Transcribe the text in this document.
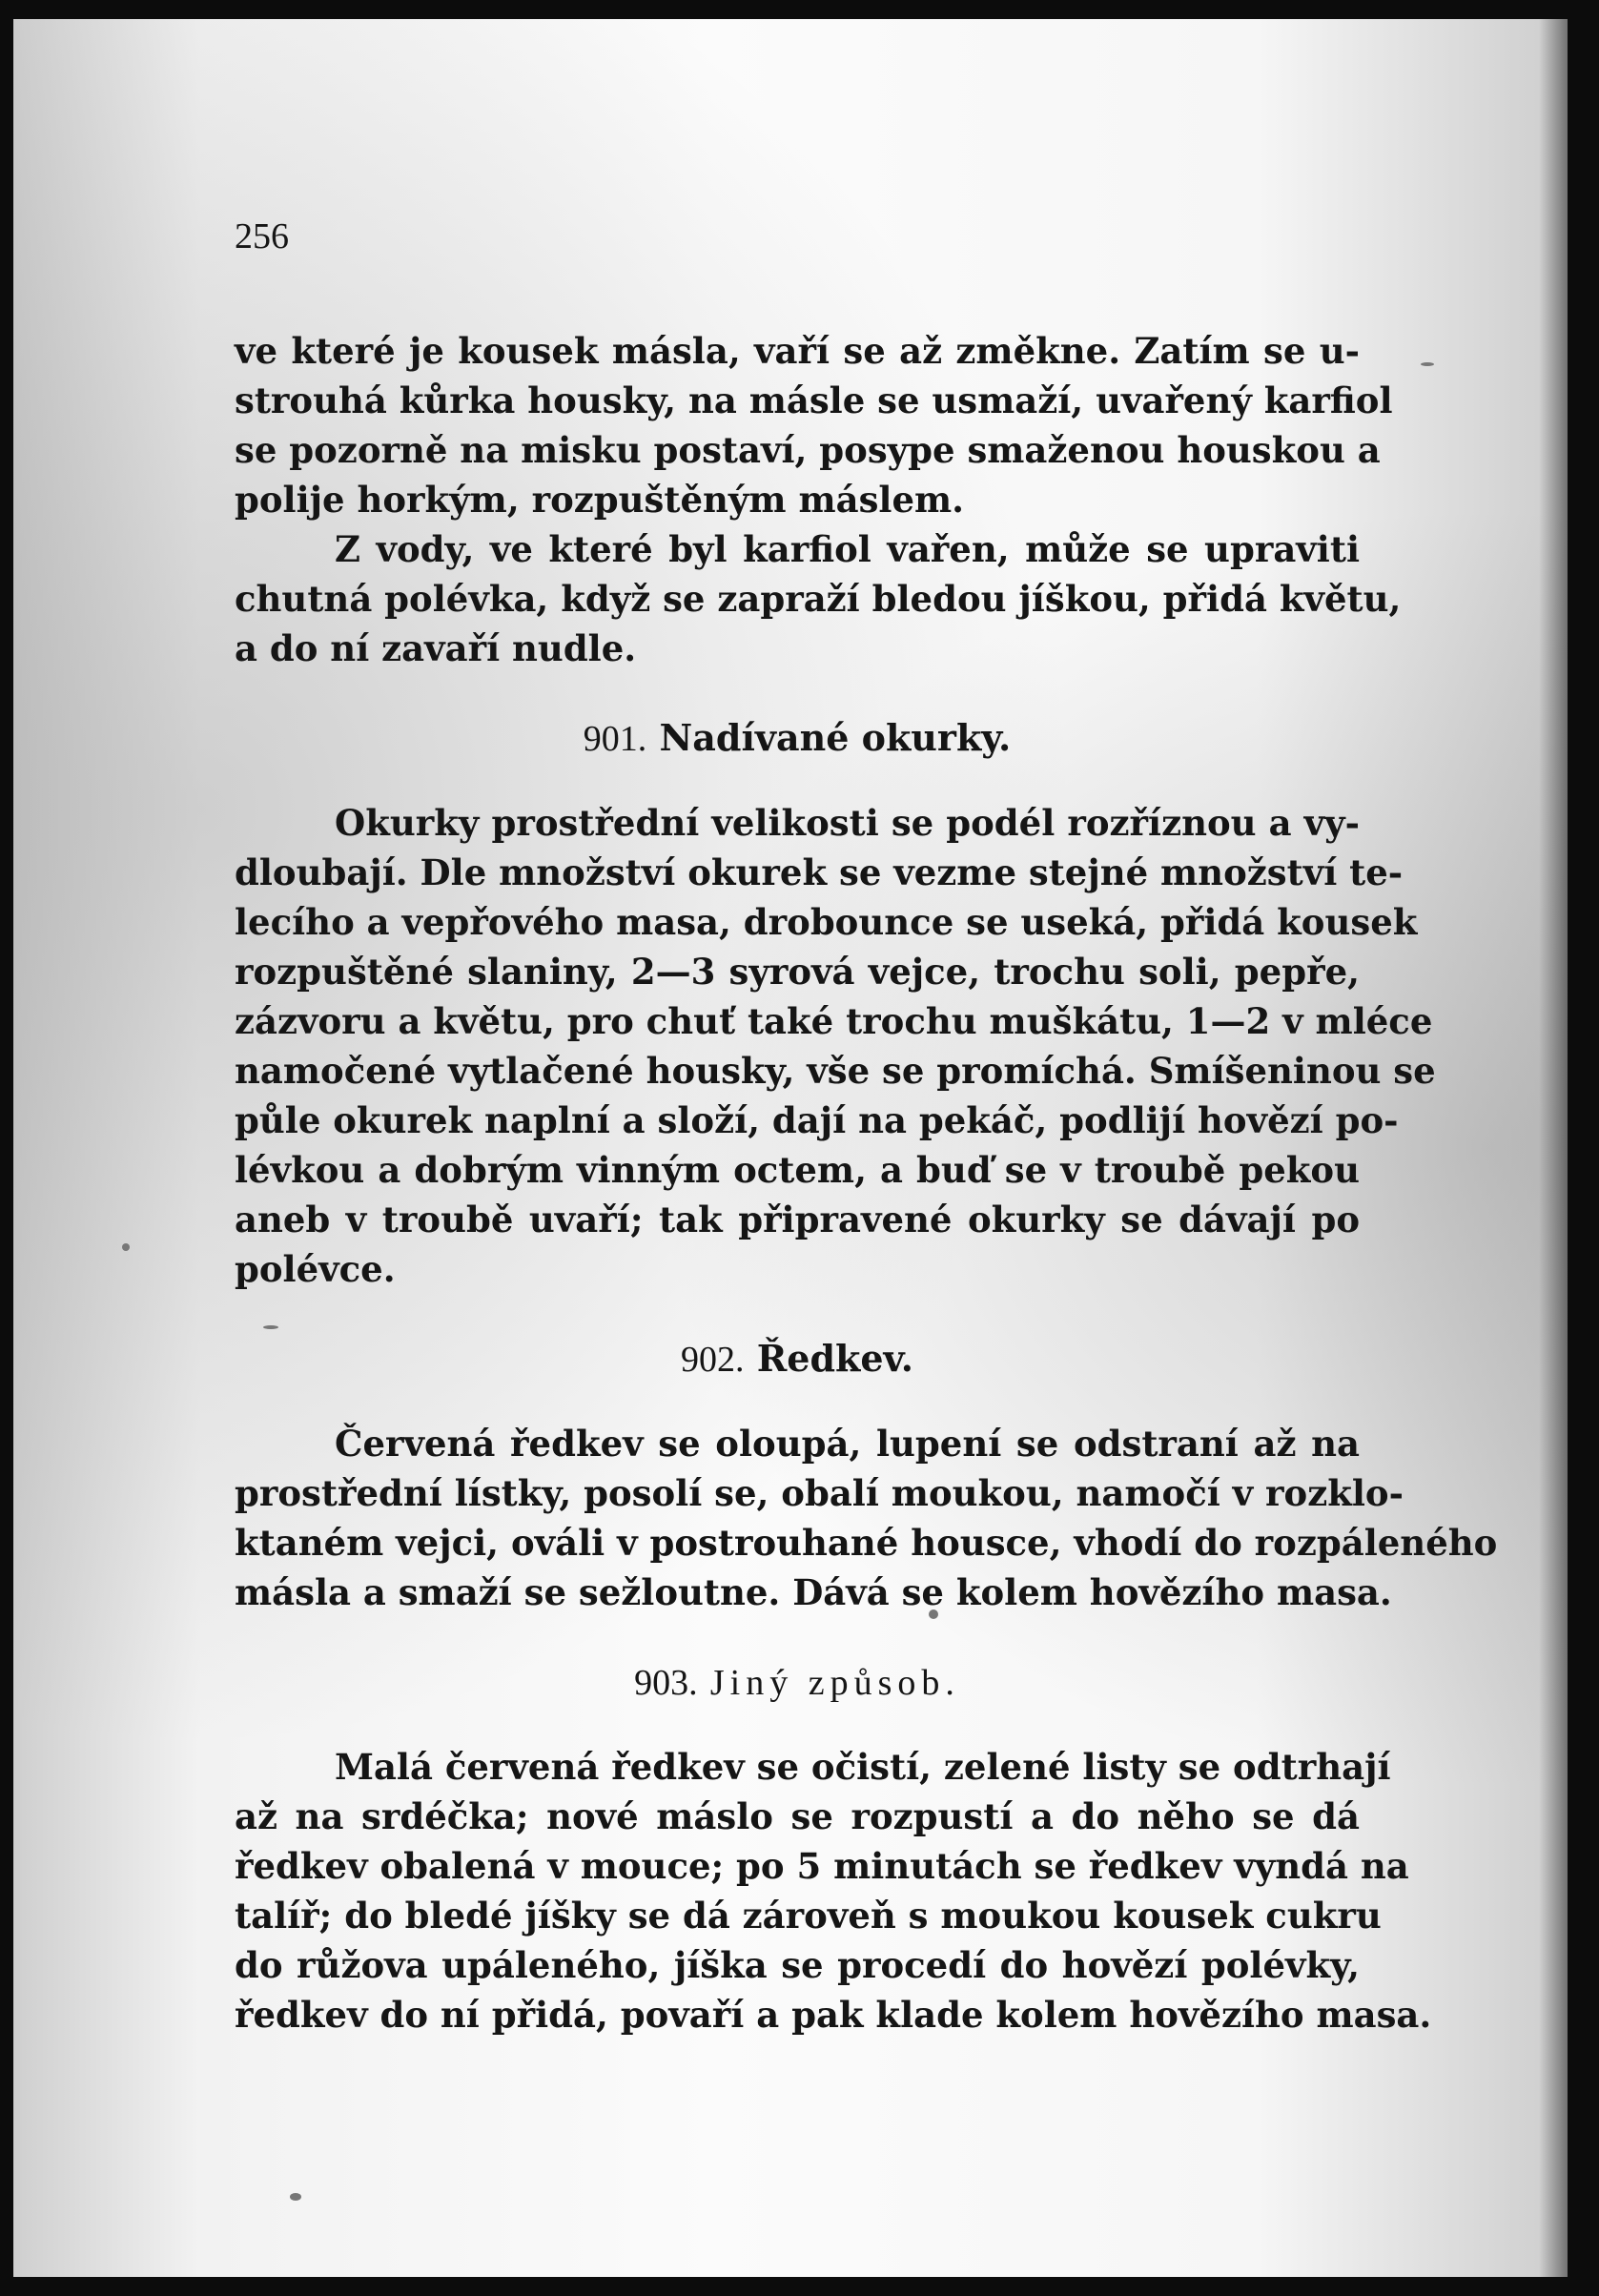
256

ve které je kousek másla, vaří se až změkne. Zatím se u-
strouhá kůrka housky, na másle se usmaží, uvařený karfiol
se pozorně na misku postaví, posype smaženou houskou a
polije horkým, rozpuštěným máslem.

Z vody, ve které byl karfiol vařen, může se upraviti
chutná polévka, když se zapraží bledou jíškou, přidá květu,
a do ní zavaří nudle.

901. Nadívané okurky.

Okurky prostřední velikosti se podél rozříznou a vy-
dloubají. Dle množství okurek se vezme stejné množství te-
lecího a vepřového masa, drobounce se useká, přidá kousek
rozpuštěné slaniny, 2—3 syrová vejce, trochu soli, pepře,
zázvoru a květu, pro chuť také trochu muškátu, 1—2 v mléce
namočené vytlačené housky, vše se promíchá. Smíšeninou se
půle okurek naplní a složí, dají na pekáč, podlijí hovězí po-
lévkou a dobrým vinným octem, a buď se v troubě pekou
aneb v troubě uvaří; tak připravené okurky se dávají po
polévce.

902. Ředkev.

Červená ředkev se oloupá, lupení se odstraní až na
prostřední lístky, posolí se, obalí moukou, namočí v rozklo-
ktaném vejci, ováli v postrouhané housce, vhodí do rozpáleného
másla a smaží se sežloutne. Dává se kolem hovězího masa.

903. Jiný způsob.

Malá červená ředkev se očistí, zelené listy se odtrhají
až na srdéčka; nové máslo se rozpustí a do něho se dá
ředkev obalená v mouce; po 5 minutách se ředkev vyndá na
talíř; do bledé jíšky se dá zároveň s moukou kousek cukru
do růžova upáleného, jíška se procedí do hovězí polévky,
ředkev do ní přidá, povaří a pak klade kolem hovězího masa.
